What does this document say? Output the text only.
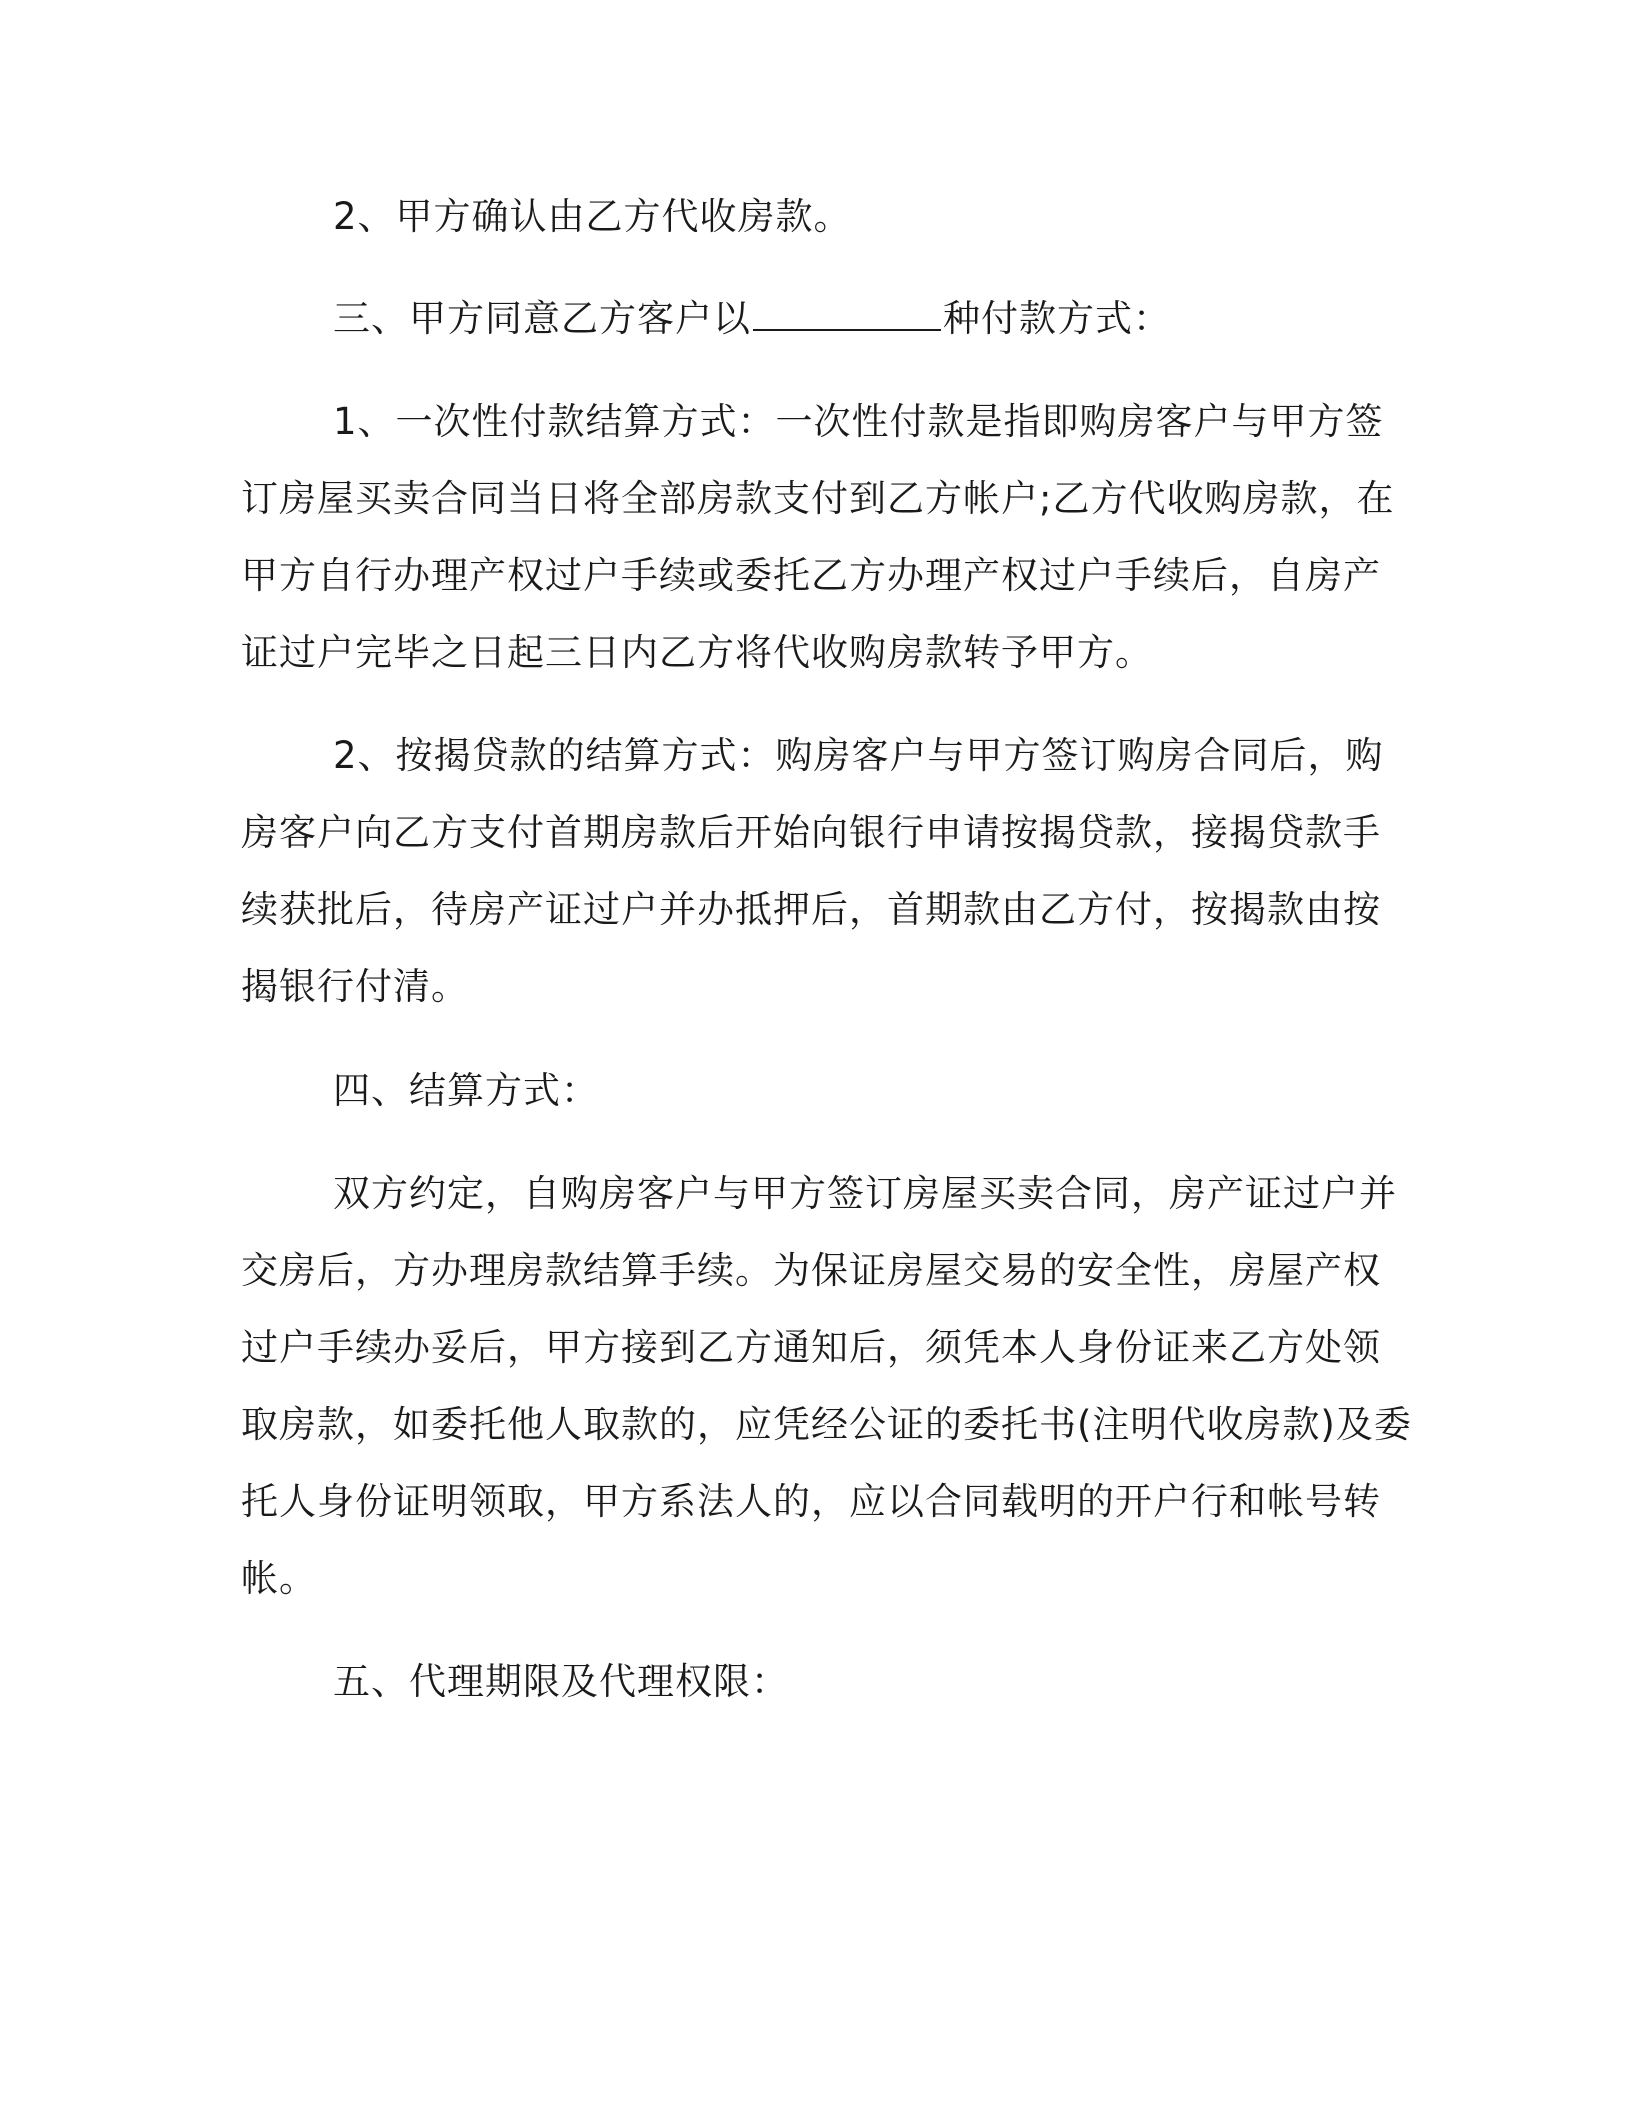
2、甲方确认由乙方代收房款。
三、甲方同意乙方客户以	种付款方式：
1、一次性付款结算方式：一次性付款是指即购房客户与甲方签
订房屋买卖合同当日将全部房款支付到乙方帐户;乙方代收购房款，在
甲方自行办理产权过户手续或委托乙方办理产权过户手续后，自房产
证过户完毕之日起三日内乙方将代收购房款转予甲方。
2、按揭贷款的结算方式：购房客户与甲方签订购房合同后，购
房客户向乙方支付首期房款后开始向银行申请按揭贷款，接揭贷款手
续获批后，待房产证过户并办抵押后，首期款由乙方付，按揭款由按
揭银行付清。
四、结算方式：
双方约定，自购房客户与甲方签订房屋买卖合同，房产证过户并
交房后，方办理房款结算手续。为保证房屋交易的安全性，房屋产权
过户手续办妥后，甲方接到乙方通知后，须凭本人身份证来乙方处领
取房款，如委托他人取款的，应凭经公证的委托书(注明代收房款)及委
托人身份证明领取，甲方系法人的，应以合同载明的开户行和帐号转
帐。
五、代理期限及代理权限：
